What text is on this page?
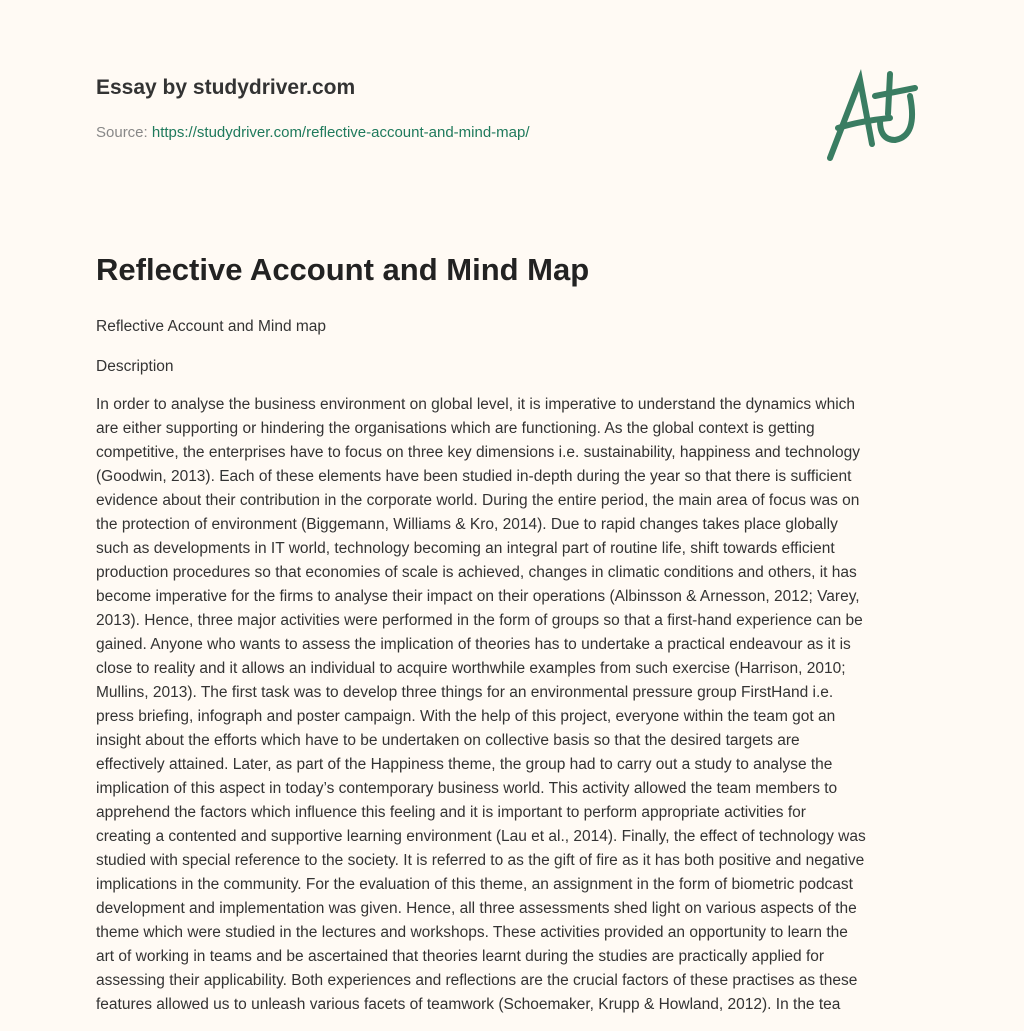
Essay by studydriver.com
Source: https://studydriver.com/reflective-account-and-mind-map/
Reflective Account and Mind Map
Reflective Account and Mind map
Description
In order to analyse the business environment on global level, it is imperative to understand the dynamics which
are either supporting or hindering the organisations which are functioning. As the global context is getting
competitive, the enterprises have to focus on three key dimensions i.e. sustainability, happiness and technology
(Goodwin, 2013). Each of these elements have been studied in-depth during the year so that there is sufficient
evidence about their contribution in the corporate world. During the entire period, the main area of focus was on
the protection of environment (Biggemann, Williams & Kro, 2014). Due to rapid changes takes place globally
such as developments in IT world, technology becoming an integral part of routine life, shift towards efficient
production procedures so that economies of scale is achieved, changes in climatic conditions and others, it has
become imperative for the firms to analyse their impact on their operations (Albinsson & Arnesson, 2012; Varey,
2013). Hence, three major activities were performed in the form of groups so that a first-hand experience can be
gained. Anyone who wants to assess the implication of theories has to undertake a practical endeavour as it is
close to reality and it allows an individual to acquire worthwhile examples from such exercise (Harrison, 2010;
Mullins, 2013). The first task was to develop three things for an environmental pressure group FirstHand i.e.
press briefing, infograph and poster campaign. With the help of this project, everyone within the team got an
insight about the efforts which have to be undertaken on collective basis so that the desired targets are
effectively attained. Later, as part of the Happiness theme, the group had to carry out a study to analyse the
implication of this aspect in today’s contemporary business world. This activity allowed the team members to
apprehend the factors which influence this feeling and it is important to perform appropriate activities for
creating a contented and supportive learning environment (Lau et al., 2014). Finally, the effect of technology was
studied with special reference to the society. It is referred to as the gift of fire as it has both positive and negative
implications in the community. For the evaluation of this theme, an assignment in the form of biometric podcast
development and implementation was given. Hence, all three assessments shed light on various aspects of the
theme which were studied in the lectures and workshops. These activities provided an opportunity to learn the
art of working in teams and be ascertained that theories learnt during the studies are practically applied for
assessing their applicability. Both experiences and reflections are the crucial factors of these practises as these
features allowed us to unleash various facets of teamwork (Schoemaker, Krupp & Howland, 2012). In the tea
